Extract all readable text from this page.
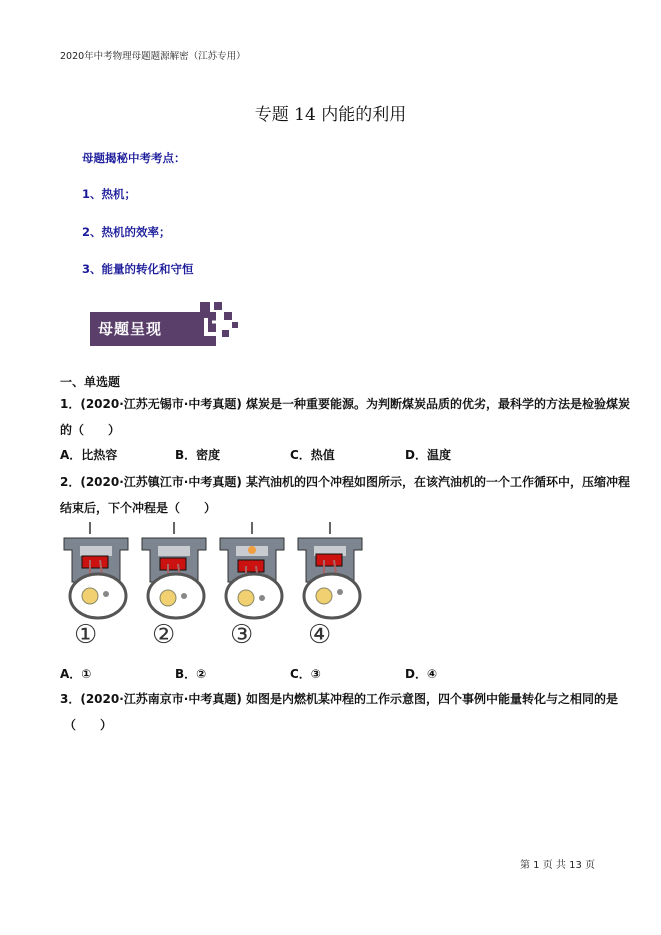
2020年中考物理母题题源解密（江苏专用）
专题 14 内能的利用
母题揭秘中考考点：
1、热机；
2、热机的效率；
3、能量的转化和守恒
母题呈现
一、单选题
1．(2020·江苏无锡市·中考真题) 煤炭是一种重要能源。为判断煤炭品质的优劣，最科学的方法是检验煤炭
的（　　）
A．比热容	B．密度	C．热值	D．温度
2．(2020·江苏镇江市·中考真题) 某汽油机的四个冲程如图所示，在该汽油机的一个工作循环中，压缩冲程
结束后，下个冲程是（　　）
① ② ③ ④
A．①	B．②	C．③	D．④
3．(2020·江苏南京市·中考真题) 如图是内燃机某冲程的工作示意图，四个事例中能量转化与之相同的是
（　　）
第 1 页 共 13 页
